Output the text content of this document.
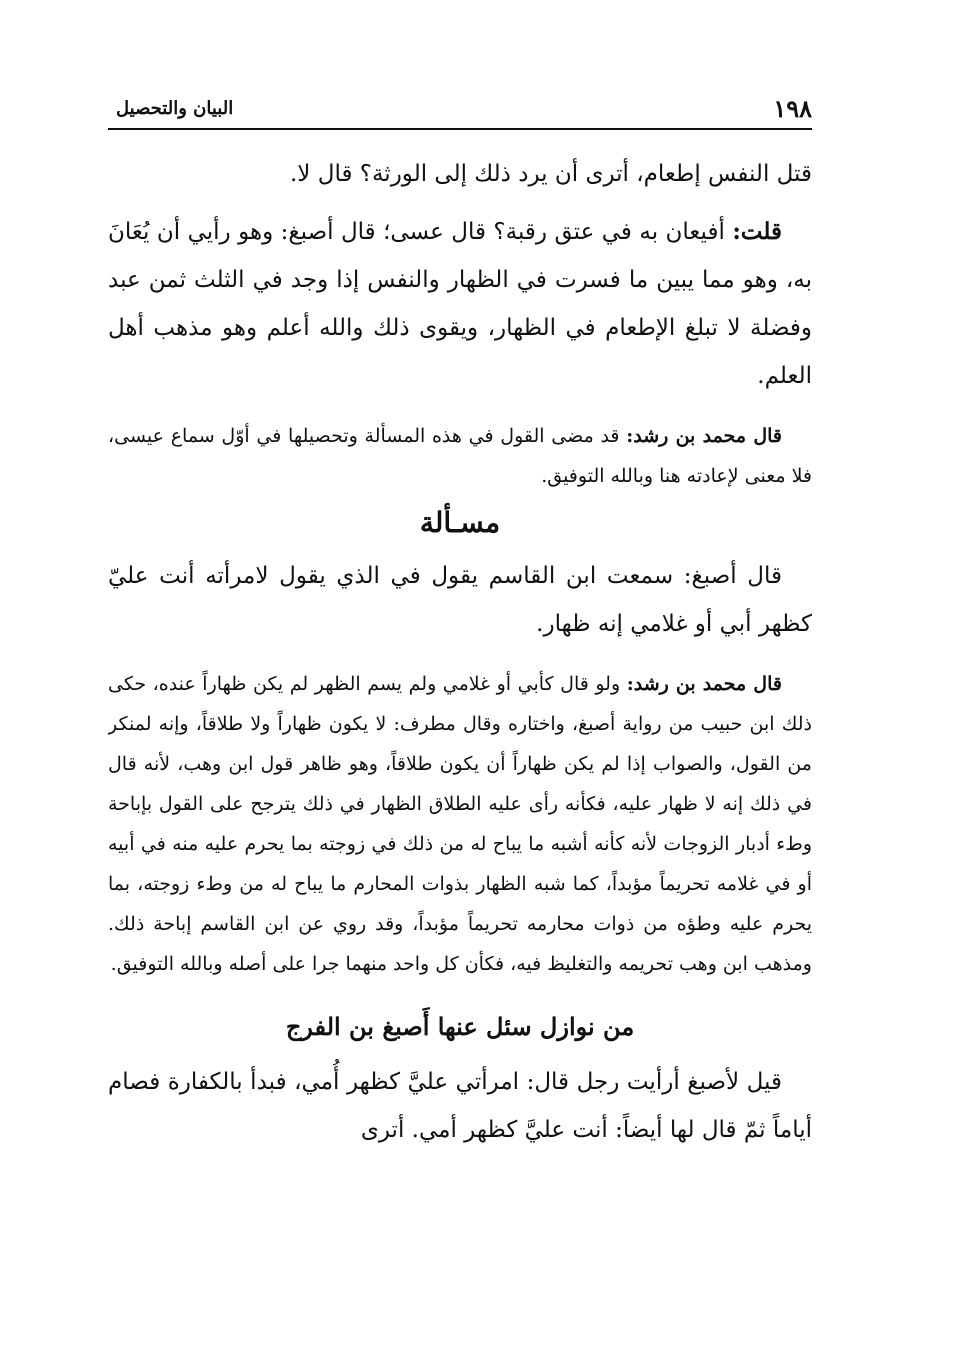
١٩٨
البيان والتحصيل

قتل النفس إطعام، أترى أن يرد ذلك إلى الورثة؟ قال لا.

قلت: أفيعان به في عتق رقبة؟ قال عسى؛ قال أصبغ: وهو رأيي أن يُعَانَ به، وهو مما يبين ما فسرت في الظهار والنفس إذا وجد في الثلث ثمن عبد وفضلة لا تبلغ الإطعام في الظهار، ويقوى ذلك والله أعلم وهو مذهب أهل العلم.

قال محمد بن رشد: قد مضى القول في هذه المسألة وتحصيلها في أوّل سماع عيسى، فلا معنى لإعادته هنا وبالله التوفيق.

مسـألة

قال أصبغ: سمعت ابن القاسم يقول في الذي يقول لامرأته أنت عليّ كظهر أبي أو غلامي إنه ظهار.

قال محمد بن رشد: ولو قال كأبي أو غلامي ولم يسم الظهر لم يكن ظهاراً عنده، حكى ذلك ابن حبيب من رواية أصبغ، واختاره وقال مطرف: لا يكون ظهاراً ولا طلاقاً، وإنه لمنكر من القول، والصواب إذا لم يكن ظهاراً أن يكون طلاقاً، وهو ظاهر قول ابن وهب، لأنه قال في ذلك إنه لا ظهار عليه، فكأنه رأى عليه الطلاق الظهار في ذلك يترجح على القول بإباحة وطء أدبار الزوجات لأنه كأنه أشبه ما يباح له من ذلك في زوجته بما يحرم عليه منه في أبيه أو في غلامه تحريماً مؤبداً، كما شبه الظهار بذوات المحارم ما يباح له من وطء زوجته، بما يحرم عليه وطؤه من ذوات محارمه تحريماً مؤبداً، وقد روي عن ابن القاسم إباحة ذلك. ومذهب ابن وهب تحريمه والتغليظ فيه، فكأن كل واحد منهما جرا على أصله وبالله التوفيق.

من نوازل سئل عنها أَصبغ بن الفرج

قيل لأصبغ أرأيت رجل قال: امرأتي عليَّ كظهر أُمي، فبدأ بالكفارة فصام أياماً ثمّ قال لها أيضاً: أنت عليَّ كظهر أمي. أترى
